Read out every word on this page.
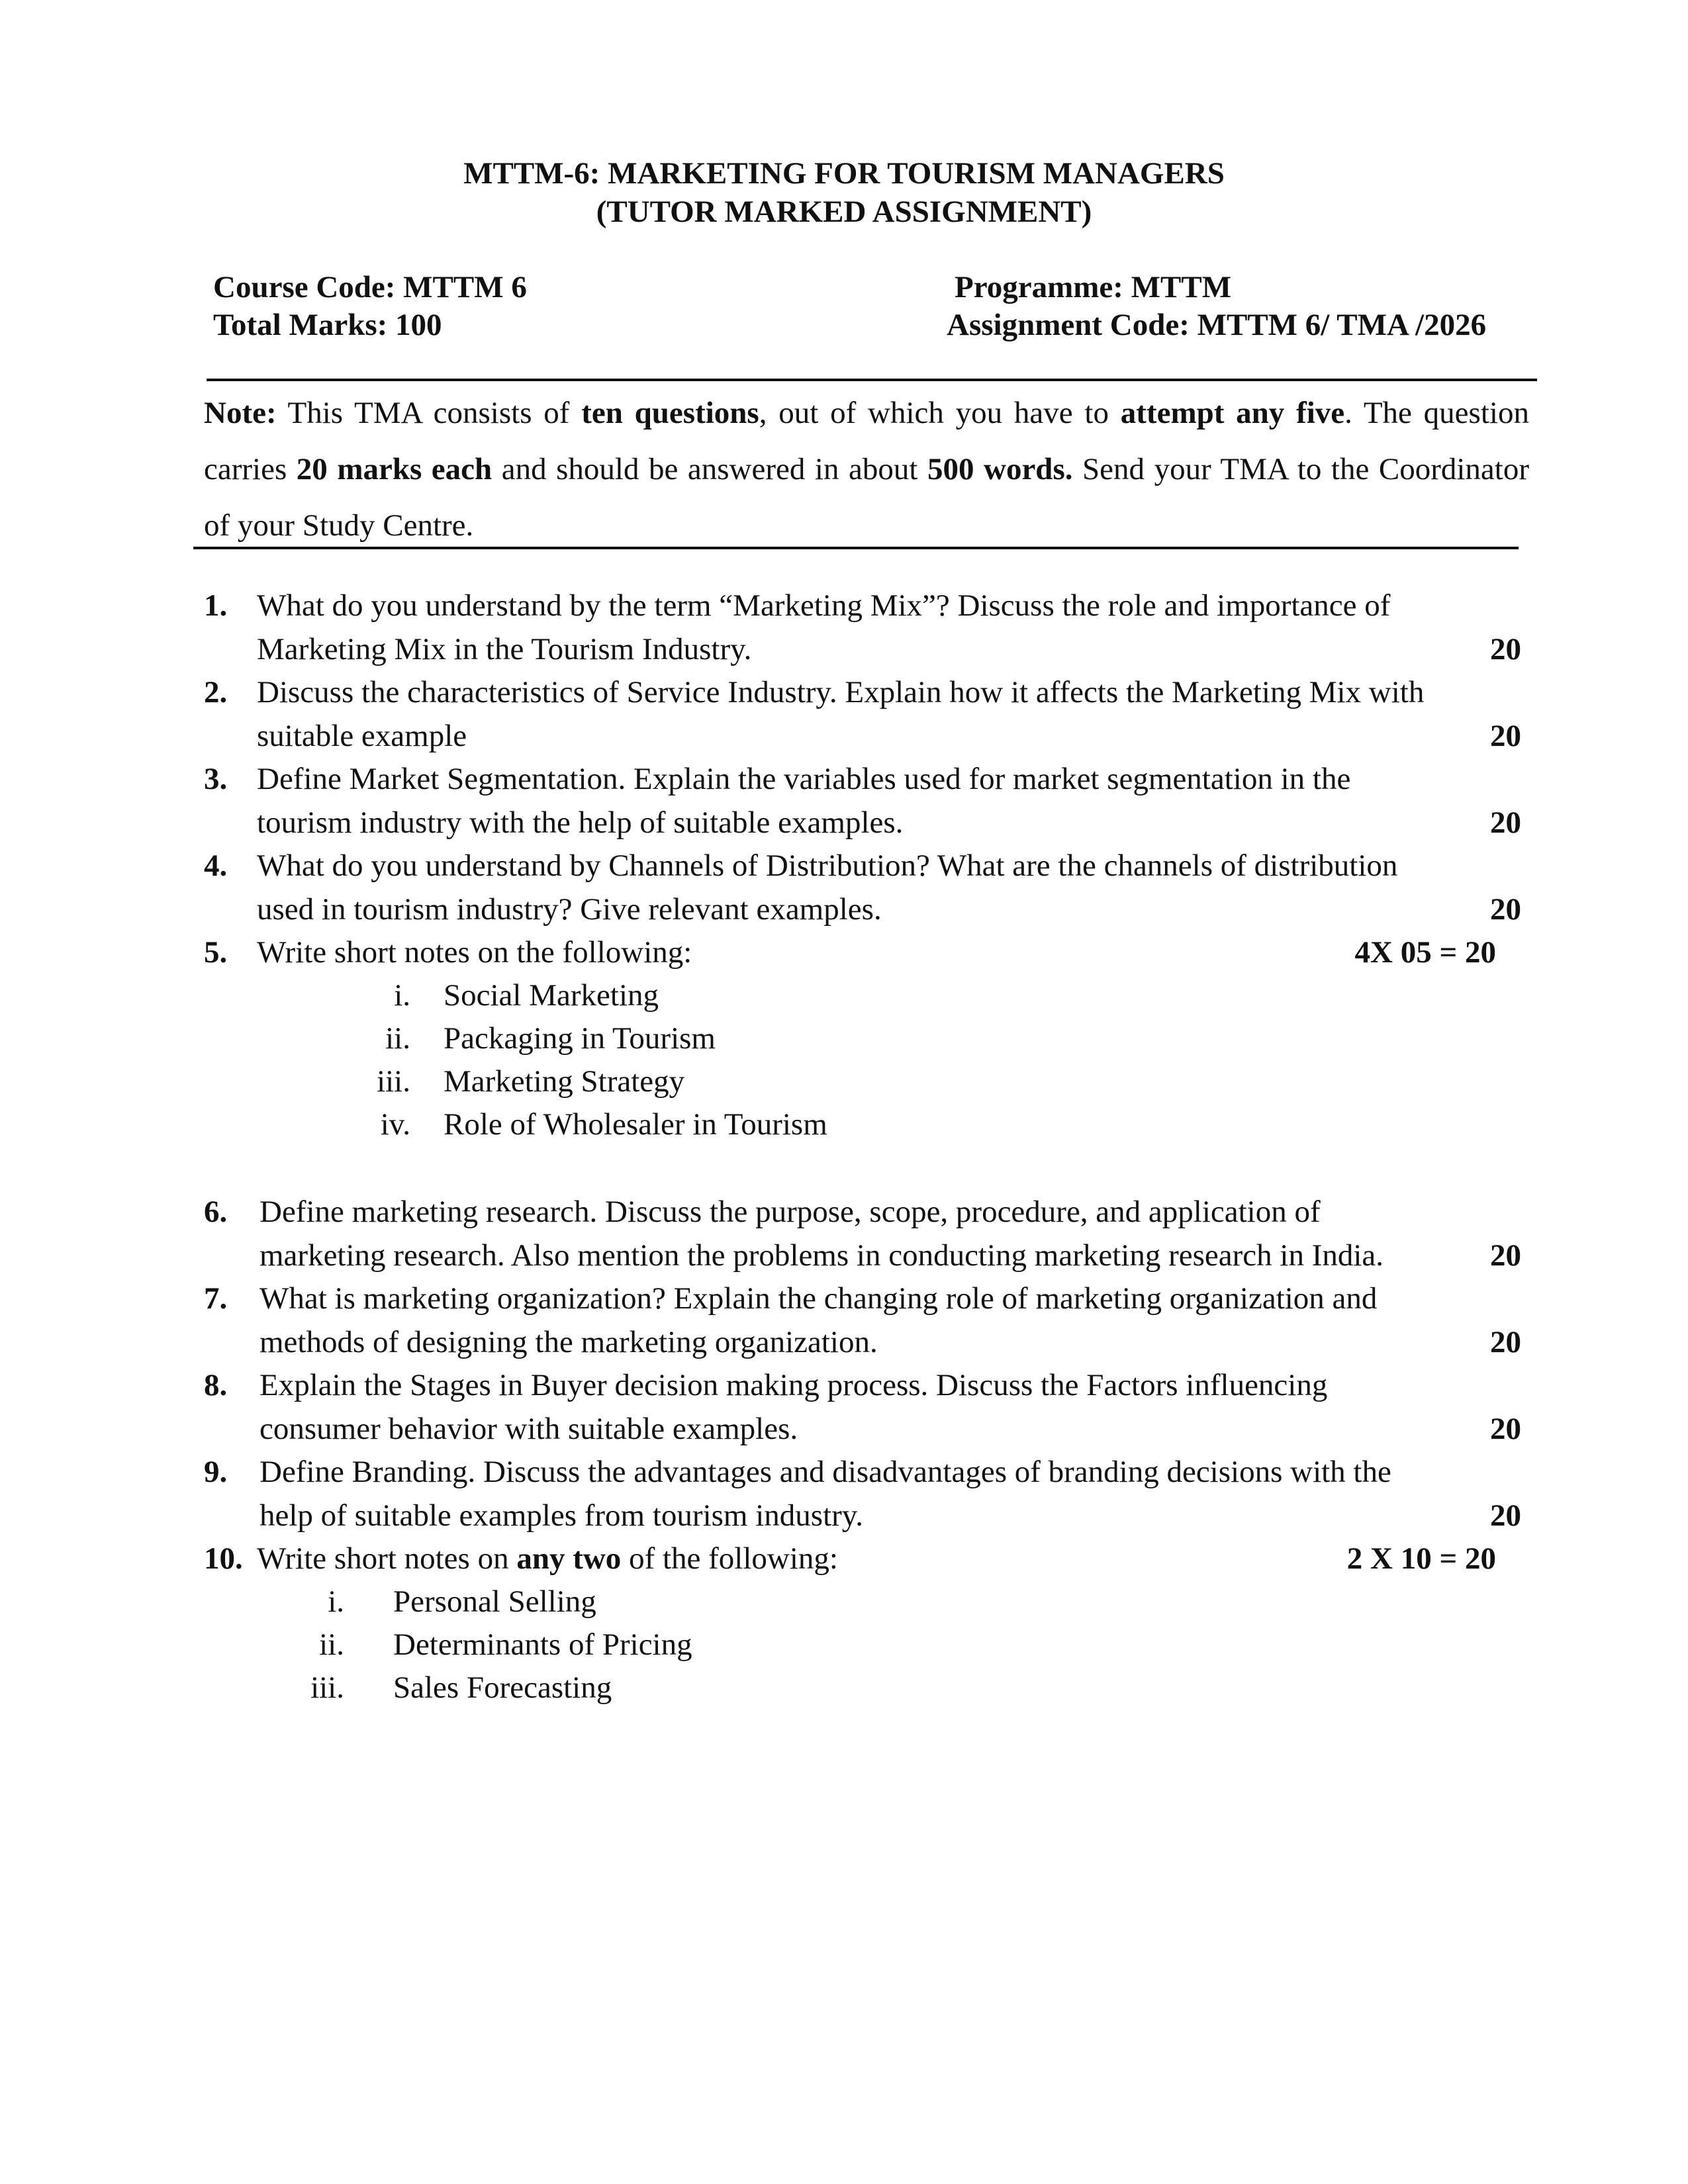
MTTM-6: MARKETING FOR TOURISM MANAGERS
(TUTOR MARKED ASSIGNMENT)
Course Code: MTTM 6
Total Marks: 100
Programme: MTTM
Assignment Code: MTTM 6/ TMA /2026
Note: This TMA consists of ten questions, out of which you have to attempt any five. The question carries 20 marks each and should be answered in about 500 words. Send your TMA to the Coordinator of your Study Centre.
1. What do you understand by the term “Marketing Mix”? Discuss the role and importance of
Marketing Mix in the Tourism Industry.	20
2. Discuss the characteristics of Service Industry. Explain how it affects the Marketing Mix with
suitable example	20
3. Define Market Segmentation. Explain the variables used for market segmentation in the
tourism industry with the help of suitable examples.	20
4. What do you understand by Channels of Distribution? What are the channels of distribution
used in tourism industry? Give relevant examples.	20
5. Write short notes on the following:	4X 05 = 20
i. Social Marketing
ii. Packaging in Tourism
iii. Marketing Strategy
iv. Role of Wholesaler in Tourism
6. Define marketing research. Discuss the purpose, scope, procedure, and application of
marketing research. Also mention the problems in conducting marketing research in India.	20
7. What is marketing organization? Explain the changing role of marketing organization and
methods of designing the marketing organization.	20
8. Explain the Stages in Buyer decision making process. Discuss the Factors influencing
consumer behavior with suitable examples.	20
9. Define Branding. Discuss the advantages and disadvantages of branding decisions with the
help of suitable examples from tourism industry.	20
10. Write short notes on any two of the following:	2 X 10 = 20
i. Personal Selling
ii. Determinants of Pricing
iii. Sales Forecasting
